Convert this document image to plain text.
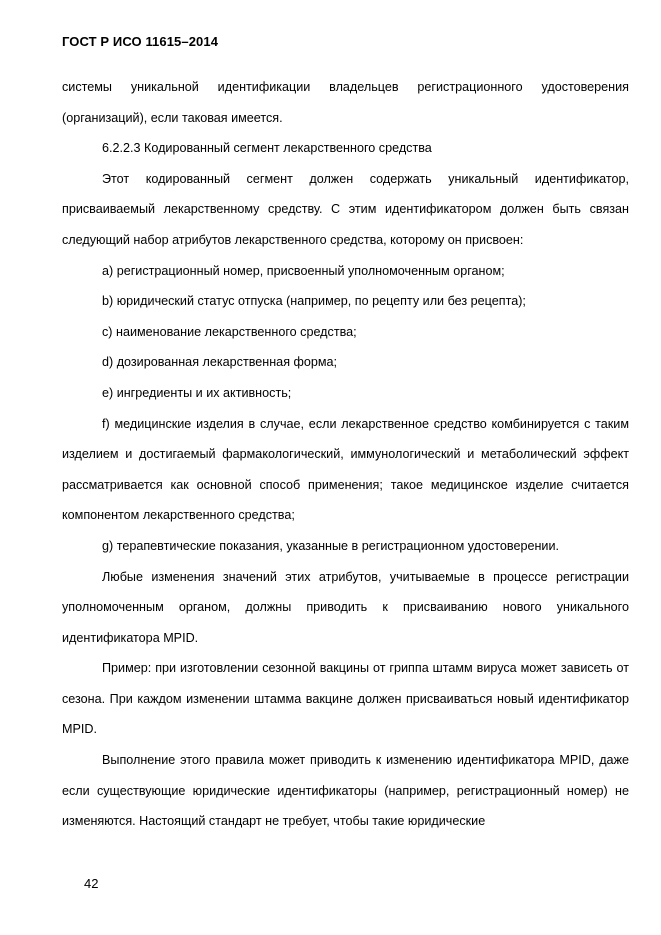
ГОСТ Р ИСО 11615–2014

системы уникальной идентификации владельцев регистрационного удостоверения (организаций), если таковая имеется.

6.2.2.3 Кодированный сегмент лекарственного средства

Этот кодированный сегмент должен содержать уникальный идентификатор, присваиваемый лекарственному средству. С этим идентификатором должен быть связан следующий набор атрибутов лекарственного средства, которому он присвоен:

a) регистрационный номер, присвоенный уполномоченным органом;

b) юридический статус отпуска (например, по рецепту или без рецепта);

c) наименование лекарственного средства;

d) дозированная лекарственная форма;

e) ингредиенты и их активность;

f) медицинские изделия в случае, если лекарственное средство комбинируется с таким изделием и достигаемый фармакологический, иммунологический и метаболический эффект рассматривается как основной способ применения; такое медицинское изделие считается компонентом лекарственного средства;

g) терапевтические показания, указанные в регистрационном удостоверении.

Любые изменения значений этих атрибутов, учитываемые в процессе регистрации уполномоченным органом, должны приводить к присваиванию нового уникального идентификатора MPID.

Пример: при изготовлении сезонной вакцины от гриппа штамм вируса может зависеть от сезона. При каждом изменении штамма вакцине должен присваиваться новый идентификатор MPID.

Выполнение этого правила может приводить к изменению идентификатора MPID, даже если существующие юридические идентификаторы (например, регистрационный номер) не изменяются. Настоящий стандарт не требует, чтобы такие юридические

42
